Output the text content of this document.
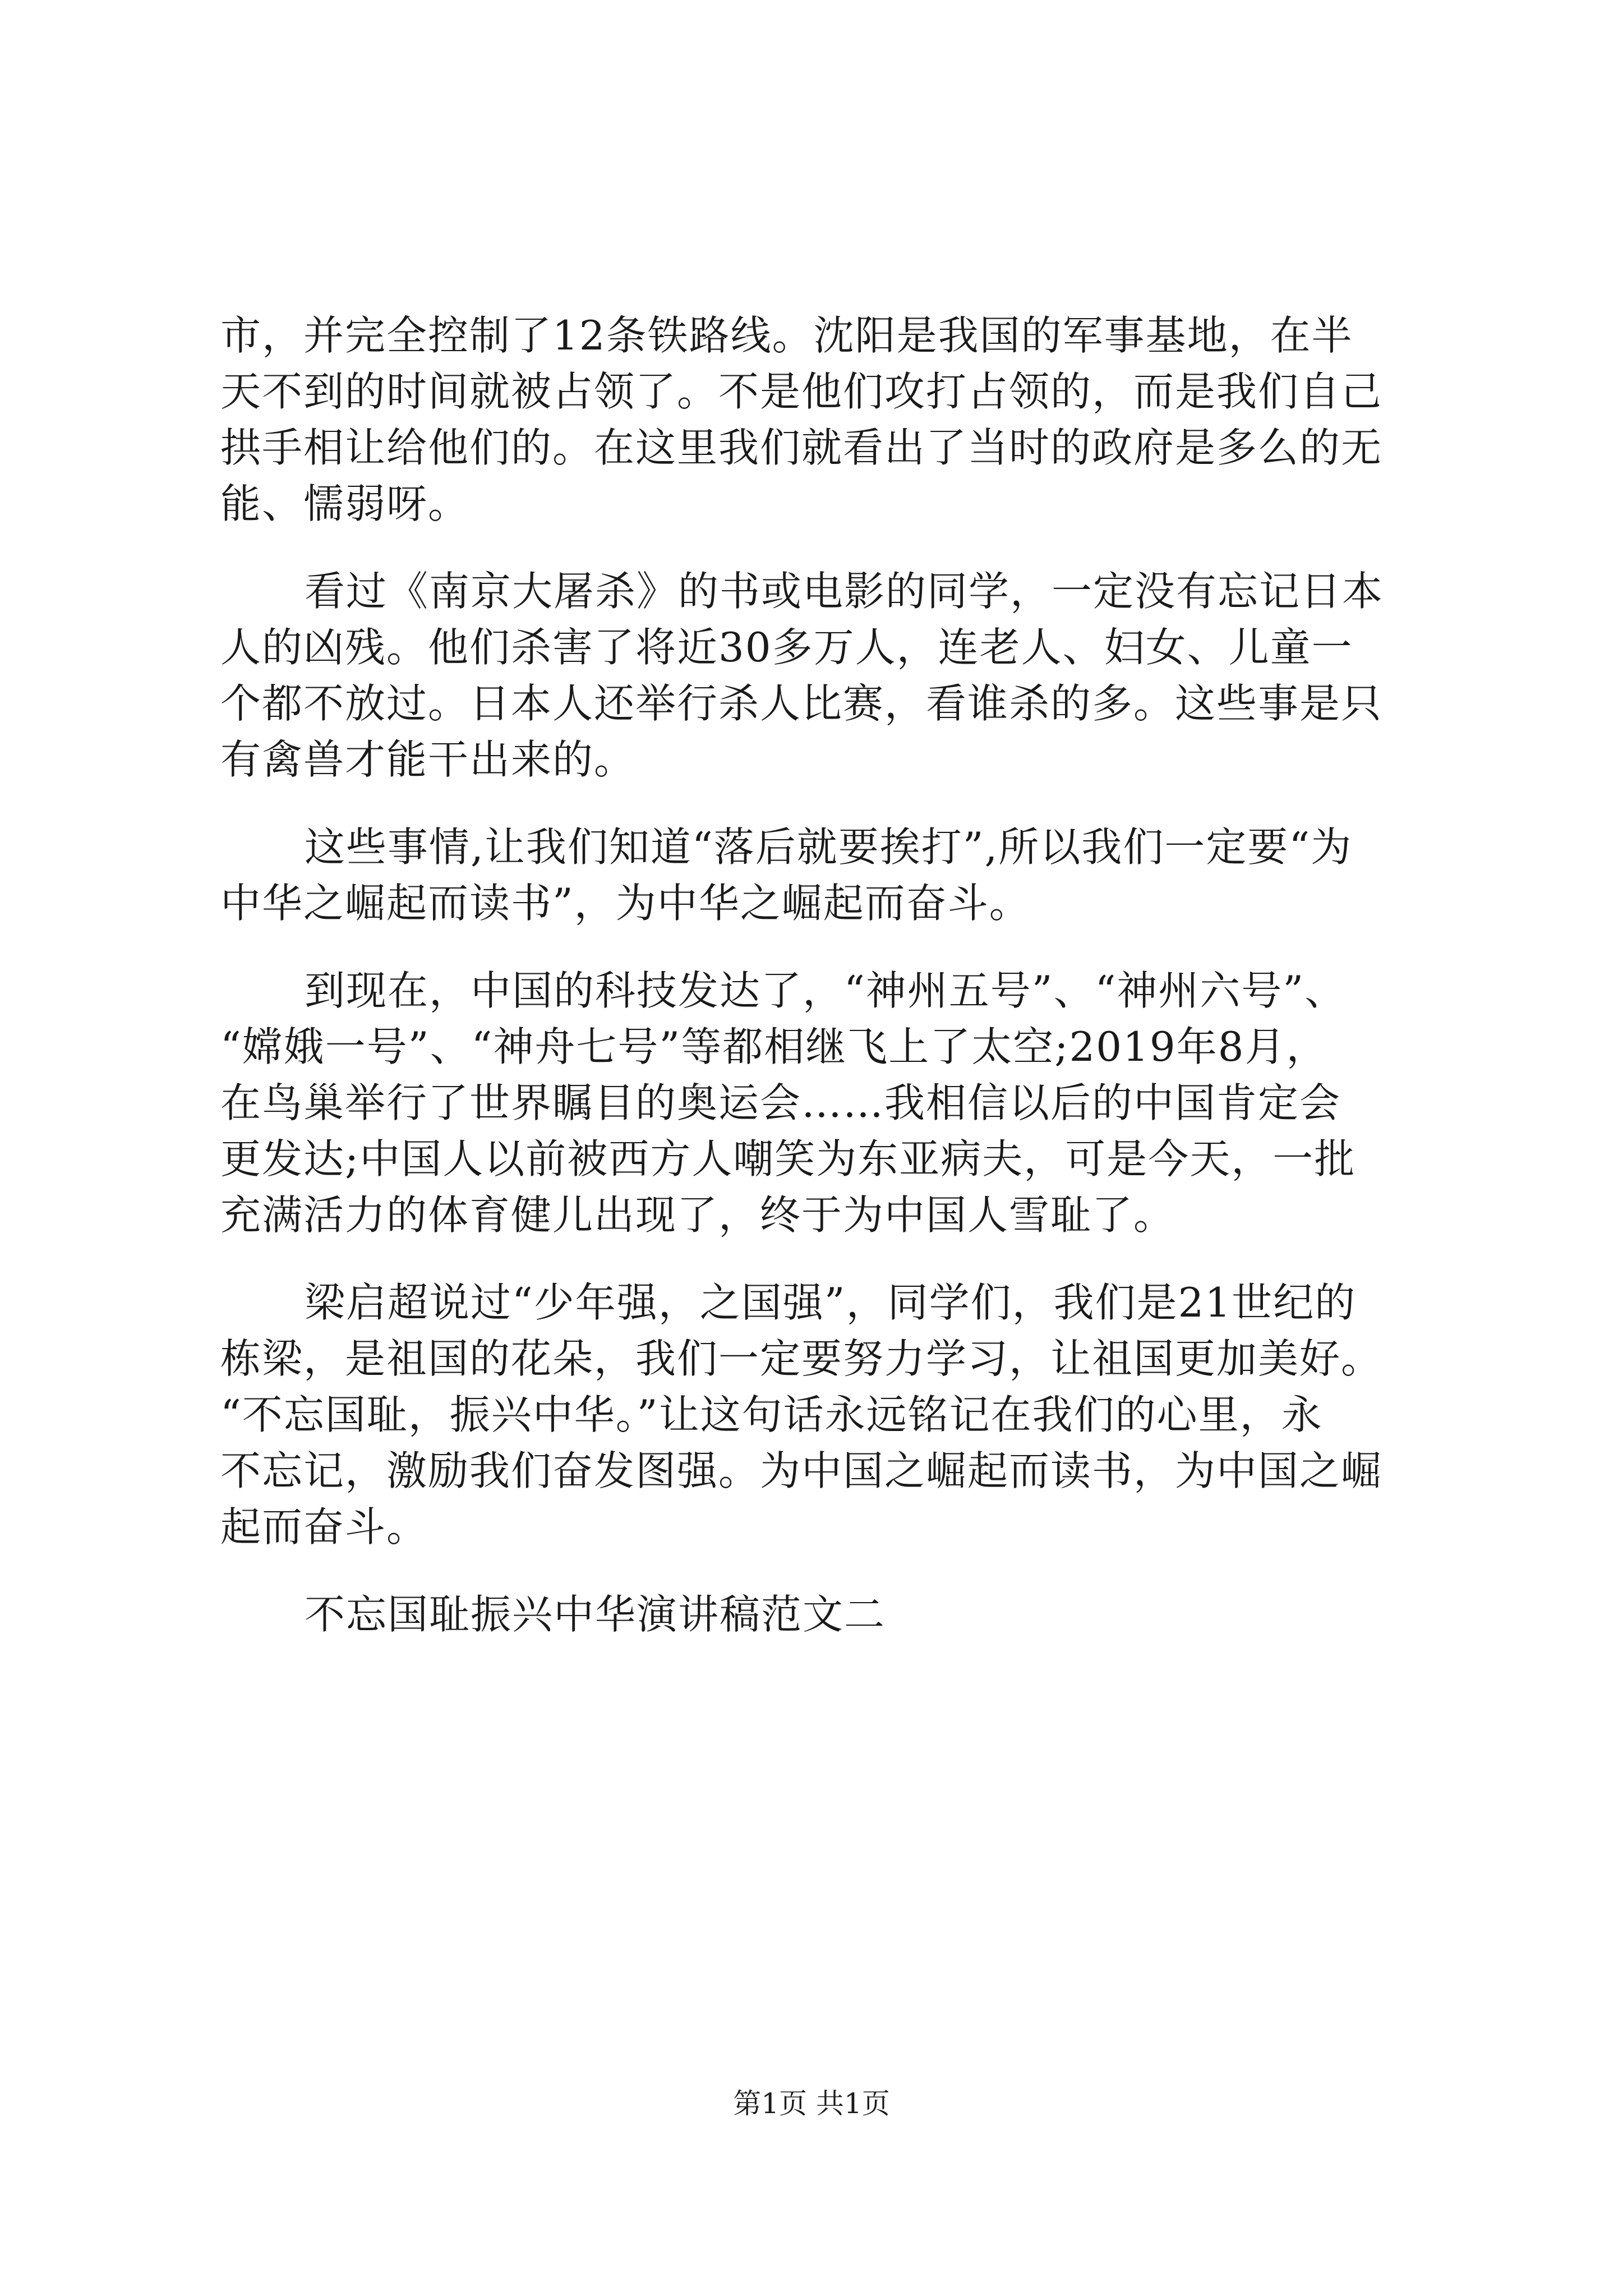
市，并完全控制了12条铁路线。沈阳是我国的军事基地，在半

天不到的时间就被占领了。不是他们攻打占领的，而是我们自己

拱手相让给他们的。在这里我们就看出了当时的政府是多么的无

能、懦弱呀。

看过《南京大屠杀》的书或电影的同学，一定没有忘记日本

人的凶残。他们杀害了将近30多万人，连老人、妇女、儿童一

个都不放过。日本人还举行杀人比赛，看谁杀的多。这些事是只

有禽兽才能干出来的。

这些事情,让我们知道“落后就要挨打”,所以我们一定要“为

中华之崛起而读书”，为中华之崛起而奋斗。

到现在，中国的科技发达了，“神州五号”、“神州六号”、

“嫦娥一号”、“神舟七号”等都相继飞上了太空;2019年8月，

在鸟巢举行了世界瞩目的奥运会……我相信以后的中国肯定会

更发达;中国人以前被西方人嘲笑为东亚病夫，可是今天，一批

充满活力的体育健儿出现了，终于为中国人雪耻了。

梁启超说过“少年强，之国强”，同学们，我们是21世纪的

栋梁，是祖国的花朵，我们一定要努力学习，让祖国更加美好。

“不忘国耻，振兴中华。”让这句话永远铭记在我们的心里，永

不忘记，激励我们奋发图强。为中国之崛起而读书，为中国之崛

起而奋斗。

不忘国耻振兴中华演讲稿范文二

第1页 共1页
